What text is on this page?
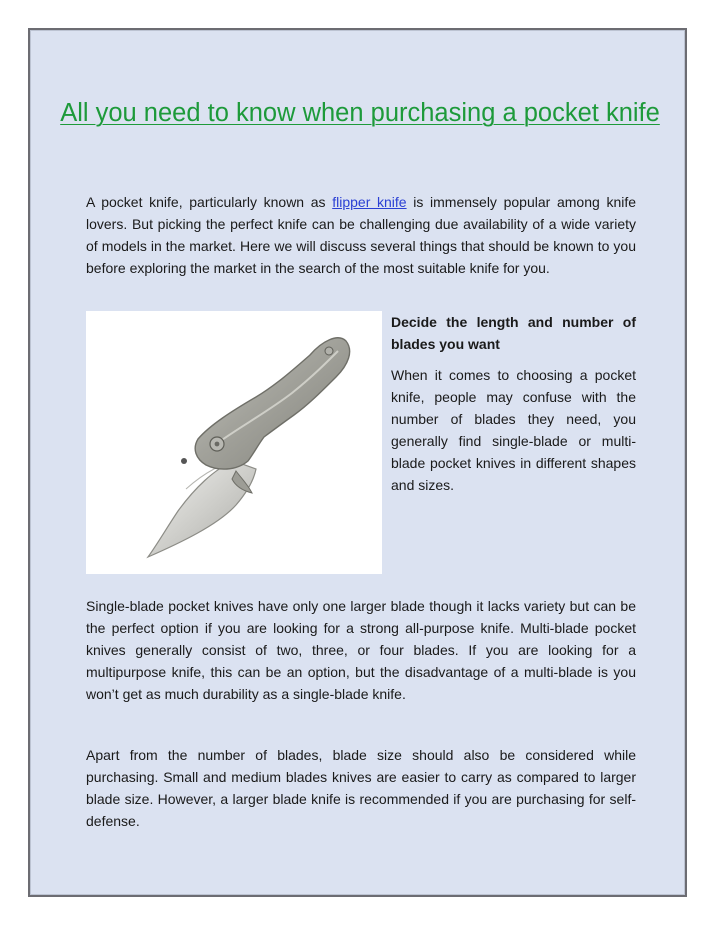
All you need to know when purchasing a pocket knife

A pocket knife, particularly known as flipper knife is immensely popular among knife lovers. But picking the perfect knife can be challenging due availability of a wide variety of models in the market. Here we will discuss several things that should be known to you before exploring the market in the search of the most suitable knife for you.

Decide the length and number of blades you want

When it comes to choosing a pocket knife, people may confuse with the number of blades they need, you generally find single-blade or multi-blade pocket knives in different shapes and sizes.

Single-blade pocket knives have only one larger blade though it lacks variety but can be the perfect option if you are looking for a strong all-purpose knife. Multi-blade pocket knives generally consist of two, three, or four blades. If you are looking for a multipurpose knife, this can be an option, but the disadvantage of a multi-blade is you won’t get as much durability as a single-blade knife.

Apart from the number of blades, blade size should also be considered while purchasing. Small and medium blades knives are easier to carry as compared to larger blade size. However, a larger blade knife is recommended if you are purchasing for self-defense.
